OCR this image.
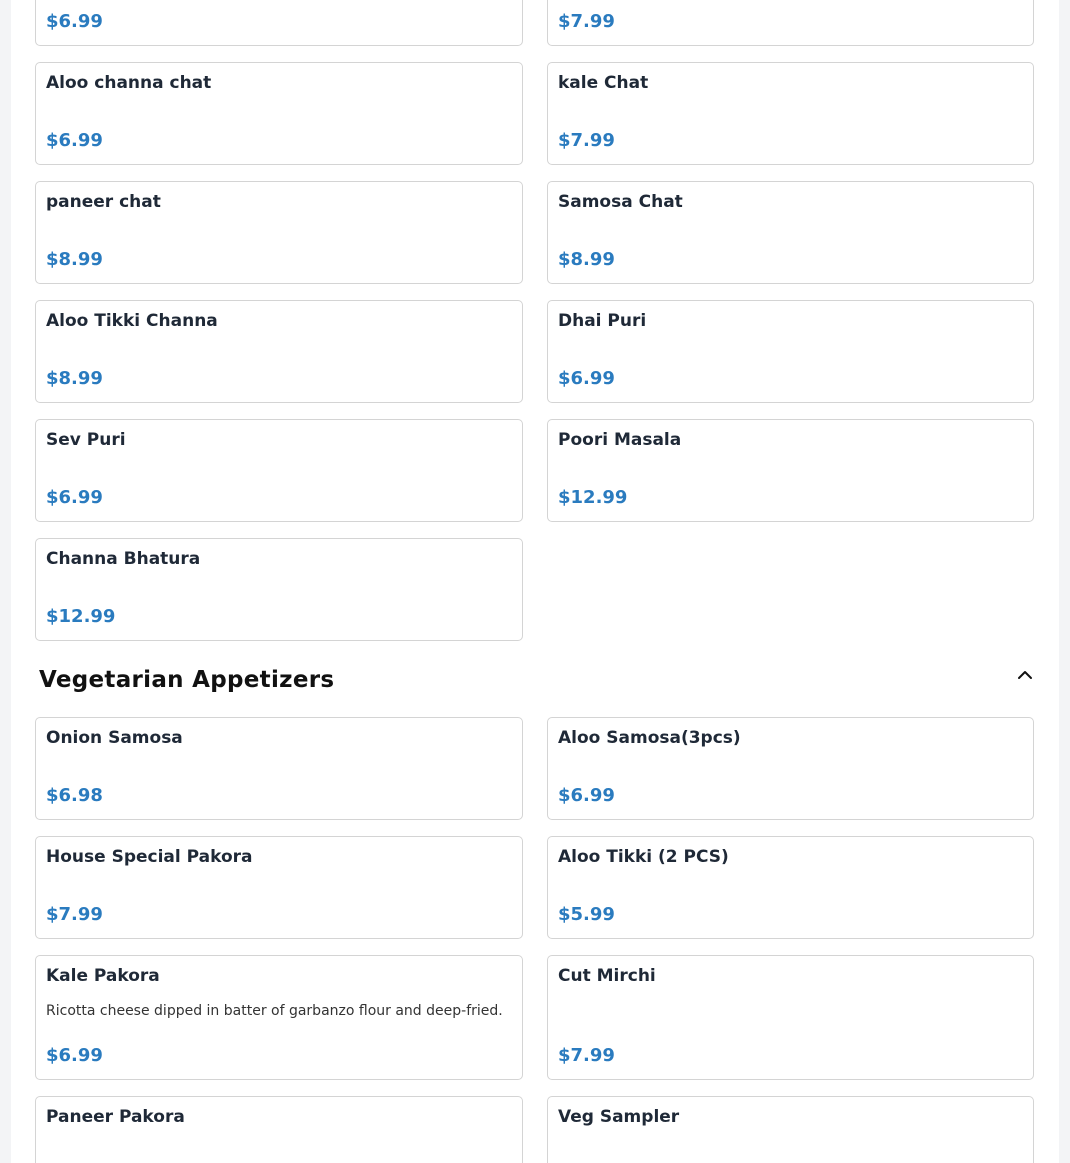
$6.99	$7.99
Aloo channa chat
$6.99
kale Chat
$7.99
paneer chat
$8.99
Samosa Chat
$8.99
Aloo Tikki Channa
$8.99
Dhai Puri
$6.99
Sev Puri
$6.99
Poori Masala
$12.99
Channa Bhatura
$12.99
Vegetarian Appetizers
Onion Samosa
$6.98
Aloo Samosa(3pcs)
$6.99
House Special Pakora
$7.99
Aloo Tikki (2 PCS)
$5.99
Kale Pakora
Ricotta cheese dipped in batter of garbanzo flour and deep-fried.
$6.99
Cut Mirchi
$7.99
Paneer Pakora	Veg Sampler
